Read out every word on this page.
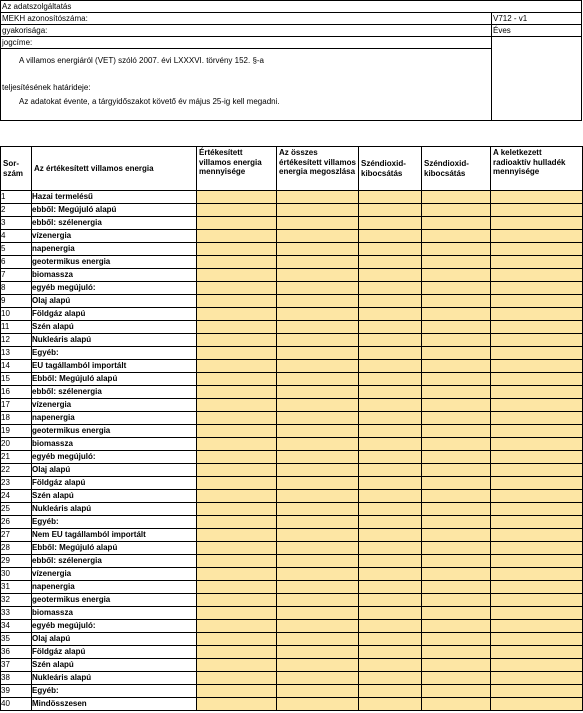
Az adatszolgáltatás
MEKH azonosítószáma:	V712 - v1
gyakorisága:	Éves
jogcíme:
A villamos energiáról (VET) szóló 2007. évi LXXXVI. törvény 152. §-a
teljesítésének határideje:
Az adatokat évente, a tárgyidőszakot követő év május 25-ig kell megadni.
Sor-szám	Az értékesített villamos energia	Értékesített villamos energia mennyisége	Az összes értékesített villamos energia megoszlása	Széndioxid-kibocsátás	Széndioxid-kibocsátás	A keletkezett radioaktív hulladék mennyisége
1	Hazai termelésű					
2	ebből: Megújuló alapú					
3	ebből: szélenergia					
4	vízenergia					
5	napenergia					
6	geotermikus energia					
7	biomassza					
8	egyéb megújuló:					
9	Olaj alapú					
10	Földgáz alapú					
11	Szén alapú					
12	Nukleáris alapú					
13	Egyéb:					
14	EU tagállamból importált					
15	Ebből: Megújuló alapú					
16	ebből: szélenergia					
17	vízenergia					
18	napenergia					
19	geotermikus energia					
20	biomassza					
21	egyéb megújuló:					
22	Olaj alapú					
23	Földgáz alapú					
24	Szén alapú					
25	Nukleáris alapú					
26	Egyéb:					
27	Nem EU tagállamból importált					
28	Ebből: Megújuló alapú					
29	ebből: szélenergia					
30	vízenergia					
31	napenergia					
32	geotermikus energia					
33	biomassza					
34	egyéb megújuló:					
35	Olaj alapú					
36	Földgáz alapú					
37	Szén alapú					
38	Nukleáris alapú					
39	Egyéb:					
40	Mindösszesen					
